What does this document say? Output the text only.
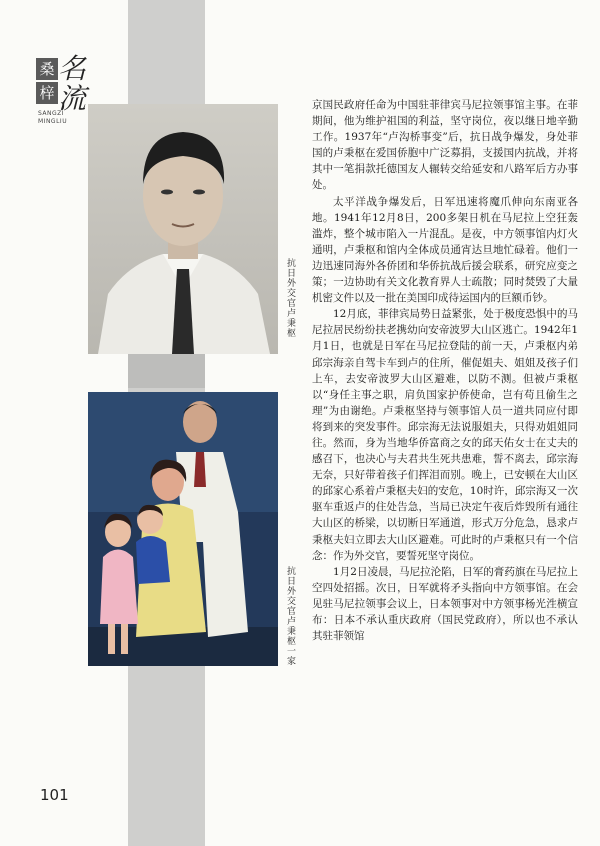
桑
梓
名流
SANGZI
MINGLIU
抗日外交官卢秉枢
抗日外交官卢秉枢一家

京国民政府任命为中国驻菲律宾马尼拉领事馆主事。在菲期间，他为维护祖国的利益，坚守岗位，夜以继日地辛勤工作。1937年“卢沟桥事变”后，抗日战争爆发，身处菲国的卢秉枢在爱国侨胞中广泛募捐，支援国内抗战，并将其中一笔捐款托德国友人辗转交给延安和八路军后方办事处。

太平洋战争爆发后，日军迅速将魔爪伸向东南亚各地。1941年12月8日，200多架日机在马尼拉上空狂轰滥炸，整个城市陷入一片混乱。是夜，中方领事馆内灯火通明，卢秉枢和馆内全体成员通宵达旦地忙碌着。他们一边迅速同海外各侨团和华侨抗战后援会联系，研究应变之策；一边协助有关文化教育界人士疏散；同时焚毁了大量机密文件以及一批在美国印成待运国内的巨额币钞。

12月底，菲律宾局势日益紧张，处于极度恐惧中的马尼拉居民纷纷扶老携幼向安帝波罗大山区逃亡。1942年1月1日，也就是日军在马尼拉登陆的前一天，卢秉枢内弟邱宗海亲自驾卡车到卢的住所，催促姐夫、姐姐及孩子们上车，去安帝波罗大山区避难，以防不测。但被卢秉枢以“身任主事之职，肩负国家护侨使命，岂有苟且偷生之理”为由谢绝。卢秉枢坚持与领事馆人员一道共同应付即将到来的突发事件。邱宗海无法说服姐夫，只得劝姐姐同往。然而，身为当地华侨富商之女的邱天佑女士在丈夫的感召下，也决心与夫君共生死共患难，誓不离去，邱宗海无奈，只好带着孩子们挥泪而别。晚上，已安顿在大山区的邱家心系着卢秉枢夫妇的安危，10时许，邱宗海又一次驱车重返卢的住处告急，当局已决定午夜后炸毁所有通往大山区的桥梁，以切断日军通道，形式万分危急，恳求卢秉枢夫妇立即去大山区避难。可此时的卢秉枢只有一个信念：作为外交官，要誓死坚守岗位。

1月2日凌晨，马尼拉沦陷，日军的膏药旗在马尼拉上空四处招摇。次日，日军就将矛头指向中方领事馆。在会见驻马尼拉领事会议上，日本领事对中方领事杨光泩横宣布：日本不承认重庆政府（国民党政府），所以也不承认其驻菲领馆

101
